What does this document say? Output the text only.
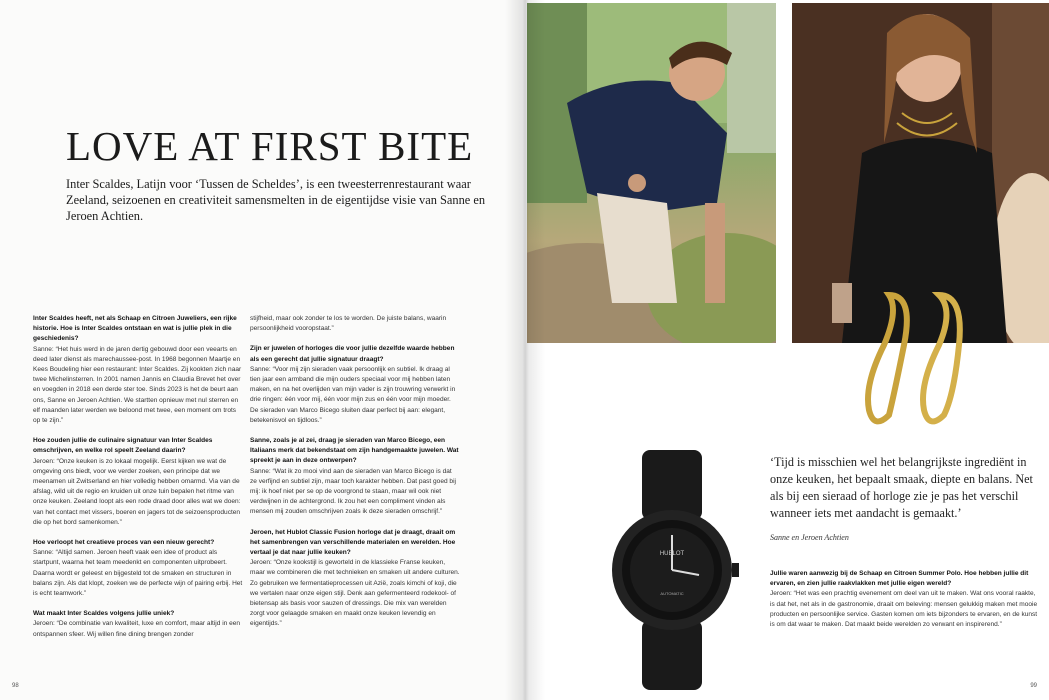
LOVE AT FIRST BITE

Inter Scaldes, Latijn voor ‘Tussen de Scheldes’, is een tweesterrenrestaurant waar Zeeland, seizoenen en creativiteit samensmelten in de eigentijdse visie van Sanne en Jeroen Achtien.

Inter Scaldes heeft, net als Schaap en Citroen Juweliers, een rijke historie. Hoe is Inter Scaldes ontstaan en wat is jullie plek in die geschiedenis?
Sanne: “Het huis werd in de jaren dertig gebouwd door een veearts en deed later dienst als marechaussee-post. In 1968 begonnen Maartje en Kees Boudeling hier een restaurant: Inter Scaldes. Zij kookten zich naar twee Michelinsterren. In 2001 namen Jannis en Claudia Brevet het over en voegden in 2018 een derde ster toe. Sinds 2023 is het de beurt aan ons, Sanne en Jeroen Achtien. We startten opnieuw met nul sterren en elf maanden later werden we beloond met twee, een moment om trots op te zijn.”

Hoe zouden jullie de culinaire signatuur van Inter Scaldes omschrijven, en welke rol speelt Zeeland daarin?
Jeroen: “Onze keuken is zo lokaal mogelijk. Eerst kijken we wat de omgeving ons biedt, voor we verder zoeken, een principe dat we meenamen uit Zwitserland en hier volledig hebben omarmd. Via van de afslag, wild uit de regio en kruiden uit onze tuin bepalen het ritme van onze keuken. Zeeland loopt als een rode draad door alles wat we doen: van het contact met vissers, boeren en jagers tot de seizoensproducten die op het bord samenkomen.”

Hoe verloopt het creatieve proces van een nieuw gerecht?
Sanne: “Altijd samen. Jeroen heeft vaak een idee of product als startpunt, waarna het team meedenkt en componenten uitprobeert. Daarna wordt er geleest en bijgesteld tot de smaken en structuren in balans zijn. Als dat klopt, zoeken we de perfecte wijn of pairing erbij. Het is echt teamwork.”

Wat maakt Inter Scaldes volgens jullie uniek?
Jeroen: “De combinatie van kwaliteit, luxe en comfort, maar altijd in een ontspannen sfeer. Wij willen fine dining brengen zonder

stijfheid, maar ook zonder te los te worden. De juiste balans, waarin persoonlijkheid vooropstaat.”

Zijn er juwelen of horloges die voor jullie dezelfde waarde hebben als een gerecht dat jullie signatuur draagt?
Sanne: “Voor mij zijn sieraden vaak persoonlijk en subtiel. Ik draag al tien jaar een armband die mijn ouders speciaal voor mij hebben laten maken, en na het overlijden van mijn vader is zijn trouwring verwerkt in drie ringen: één voor mij, één voor mijn zus en één voor mijn moeder. De sieraden van Marco Bicego sluiten daar perfect bij aan: elegant, betekenisvol en tijdloos.”

Sanne, zoals je al zei, draag je sieraden van Marco Bicego, een Italiaans merk dat bekendstaat om zijn handgemaakte juwelen. Wat spreekt je aan in deze ontwerpen?
Sanne: “Wat ik zo mooi vind aan de sieraden van Marco Bicego is dat ze verfijnd en subtiel zijn, maar toch karakter hebben. Dat past goed bij mij: ik hoef niet per se op de voorgrond te staan, maar wil ook niet verdwijnen in de achtergrond. Ik zou het een compliment vinden als mensen mij zouden omschrijven zoals ik deze sieraden omschrijf.”

Jeroen, het Hublot Classic Fusion horloge dat je draagt, draait om het samenbrengen van verschillende materialen en werelden. Hoe vertaal je dat naar jullie keuken?
Jeroen: “Onze kookstijl is geworteld in de klassieke Franse keuken, maar we combineren die met technieken en smaken uit andere culturen. Zo gebruiken we fermentatieprocessen uit Azië, zoals kimchi of koji, die we vertalen naar onze eigen stijl. Denk aan gefermenteerd rodekool- of bietensap als basis voor sauzen of dressings. Die mix van werelden zorgt voor gelaagde smaken en maakt onze keuken levendig en eigentijds.”

98
HUBLOT
AUTOMATIC

‘Tijd is misschien wel het belangrijkste ingrediënt in onze keuken, het bepaalt smaak, diepte en balans. Net als bij een sieraad of horloge zie je pas het verschil wanneer iets met aandacht is gemaakt.’

Sanne en Jeroen Achtien

Jullie waren aanwezig bij de Schaap en Citroen Summer Polo. Hoe hebben jullie dit ervaren, en zien jullie raakvlakken met jullie eigen wereld?
Jeroen: “Het was een prachtig evenement om deel van uit te maken. Wat ons vooral raakte, is dat het, net als in de gastronomie, draait om beleving: mensen gelukkig maken met mooie producten en persoonlijke service. Gasten komen om iets bijzonders te ervaren, en de kunst is om dat waar te maken. Dat maakt beide werelden zo verwant en inspirerend.”

99
